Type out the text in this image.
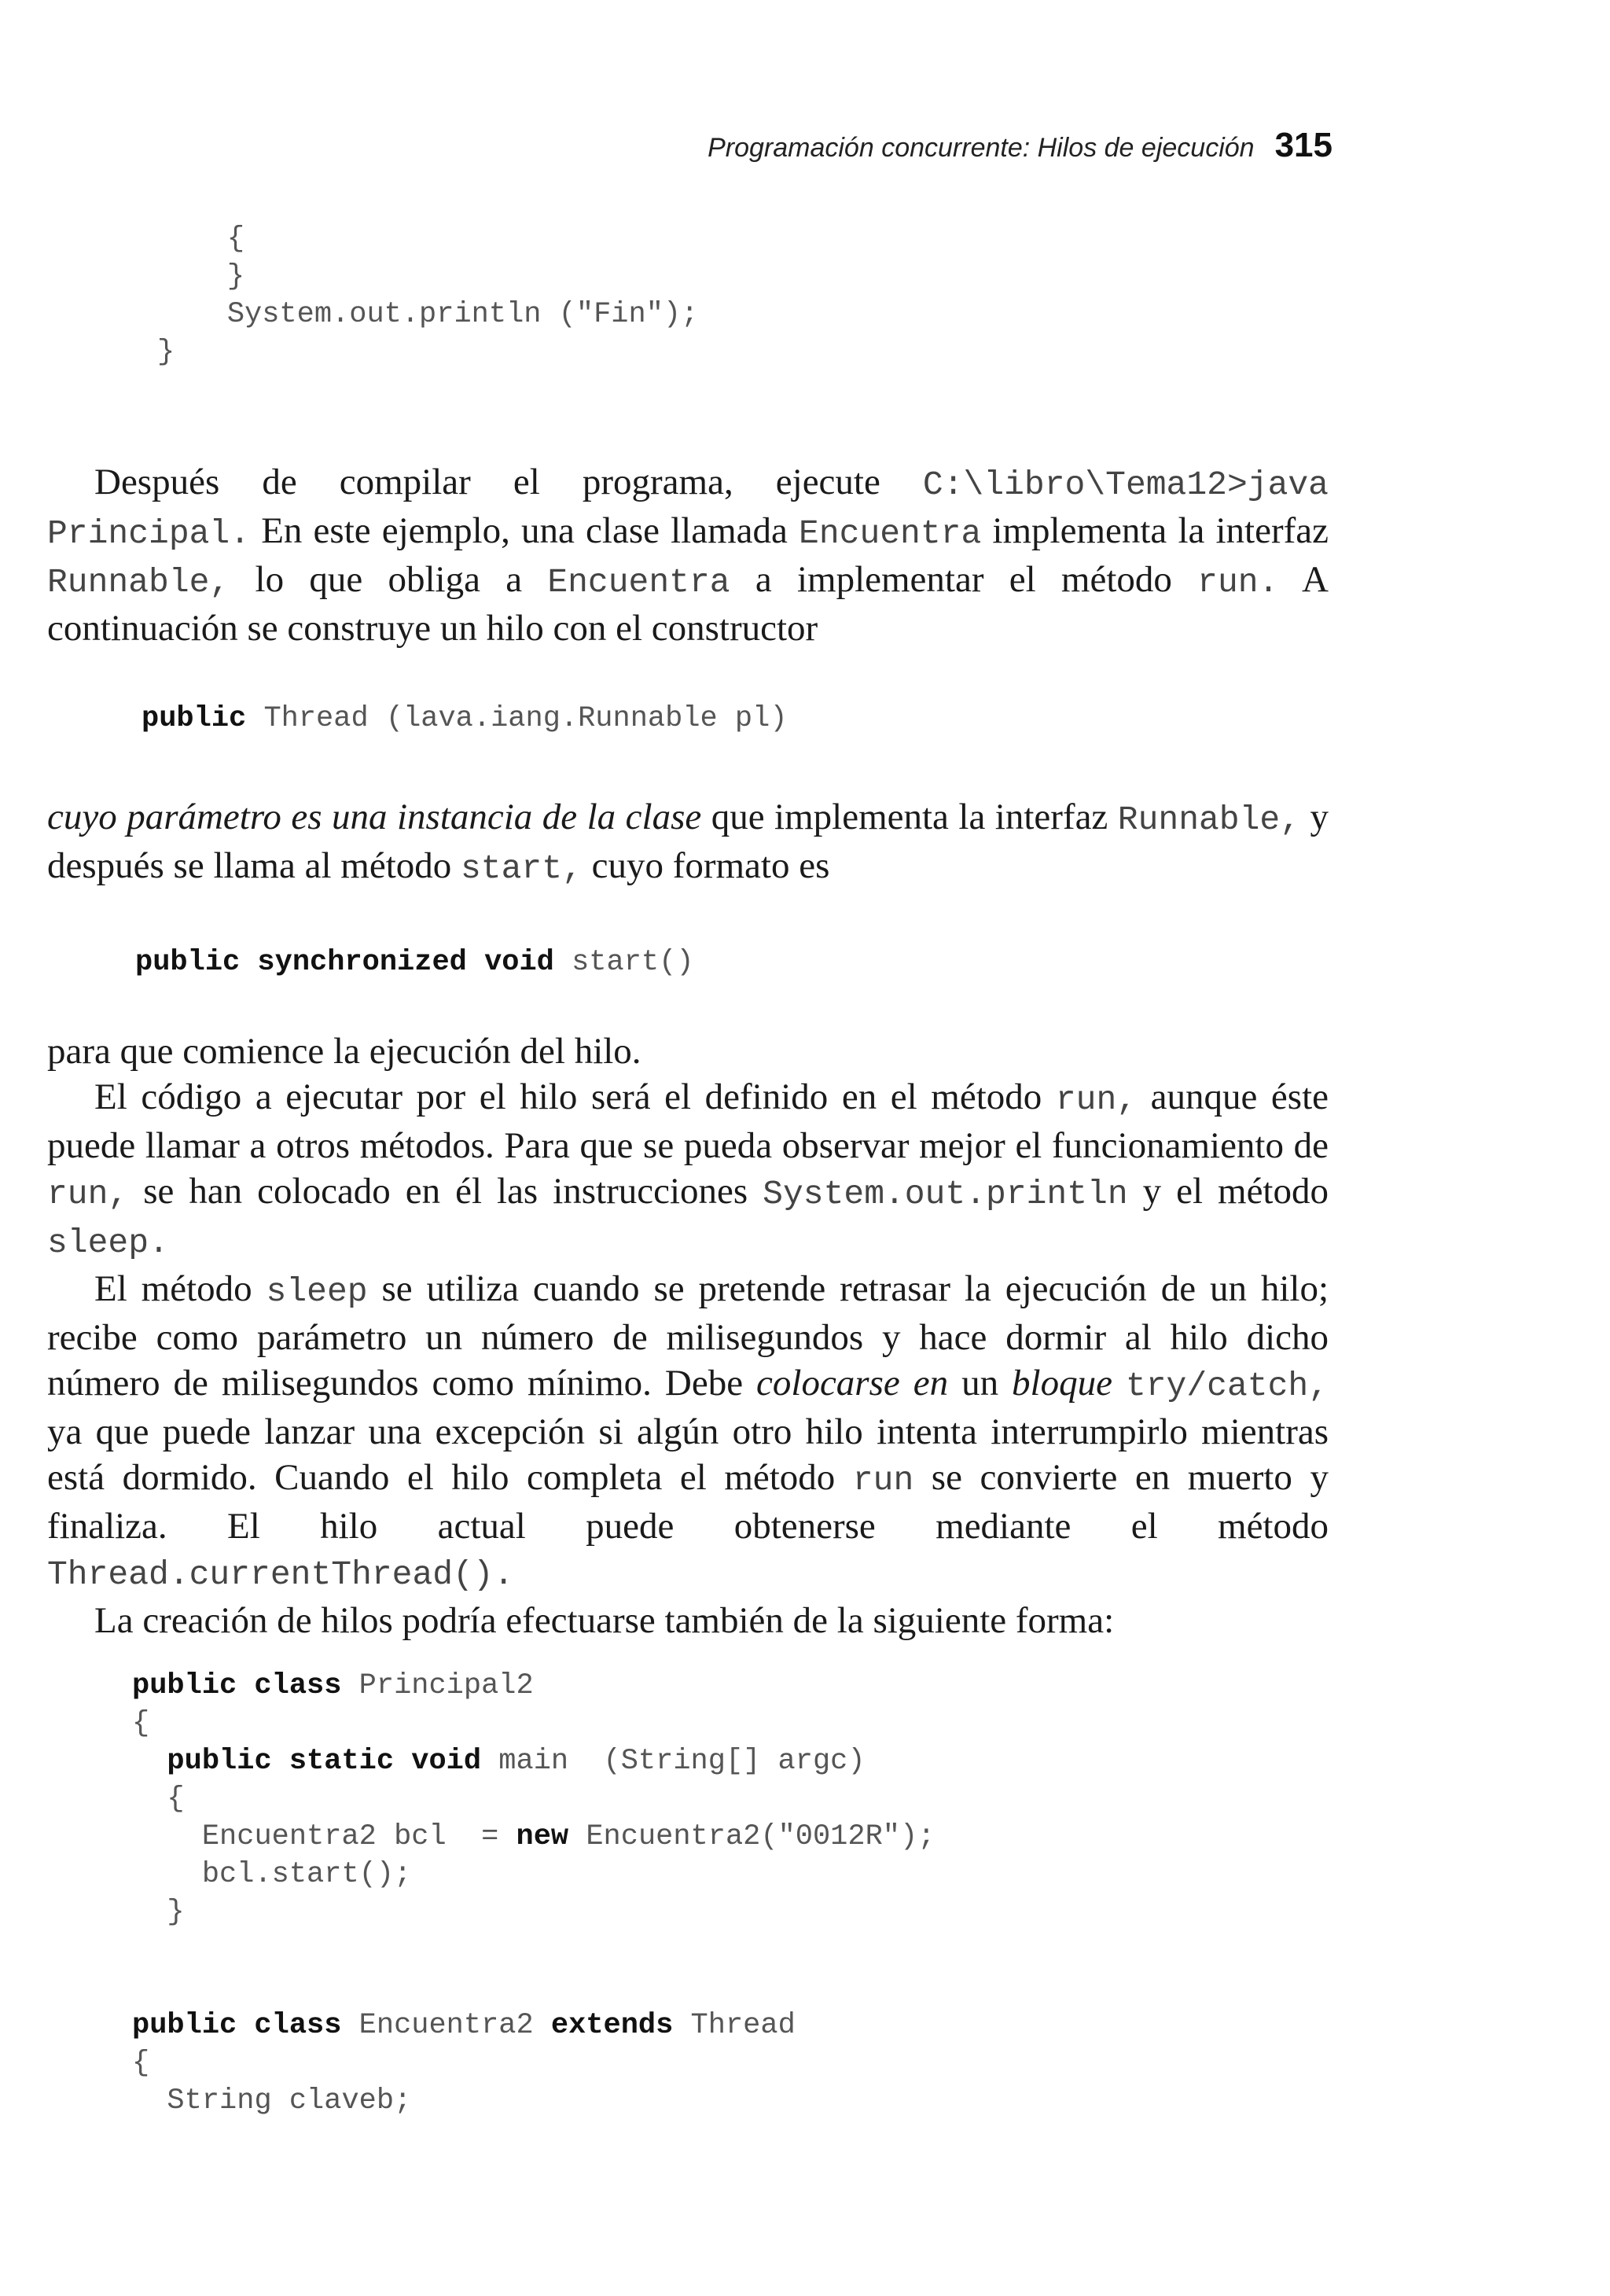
Programación concurrente: Hilos de ejecución 315
{
}
System.out.println ("Fin");
}

Después de compilar el programa, ejecute C:\libro\Tema12>java Principal. En este ejemplo, una clase llamada Encuentra implementa la interfaz Runnable, lo que obliga a Encuentra a implementar el método run. A continuación se construye un hilo con el constructor

public Thread (lava.iang.Runnable pl)

cuyo parámetro es una instancia de la clase que implementa la interfaz Runnable, y después se llama al método start, cuyo formato es

public synchronized void start()

para que comience la ejecución del hilo.

El código a ejecutar por el hilo será el definido en el método run, aunque éste puede llamar a otros métodos. Para que se pueda observar mejor el funcionamiento de run, se han colocado en él las instrucciones System.out.println y el método sleep.

El método sleep se utiliza cuando se pretende retrasar la ejecución de un hilo; recibe como parámetro un número de milisegundos y hace dormir al hilo dicho número de milisegundos como mínimo. Debe colocarse en un bloque try/catch, ya que puede lanzar una excepción si algún otro hilo intenta interrumpirlo mientras está dormido. Cuando el hilo completa el método run se convierte en muerto y finaliza. El hilo actual puede obtenerse mediante el método Thread.currentThread().

La creación de hilos podría efectuarse también de la siguiente forma:

public class Principal2
{
public static void main  (String[] argc)
{
Encuentra2 bcl  = new Encuentra2("0012R");
bcl.start();
}

public class Encuentra2 extends Thread
{
String claveb;
